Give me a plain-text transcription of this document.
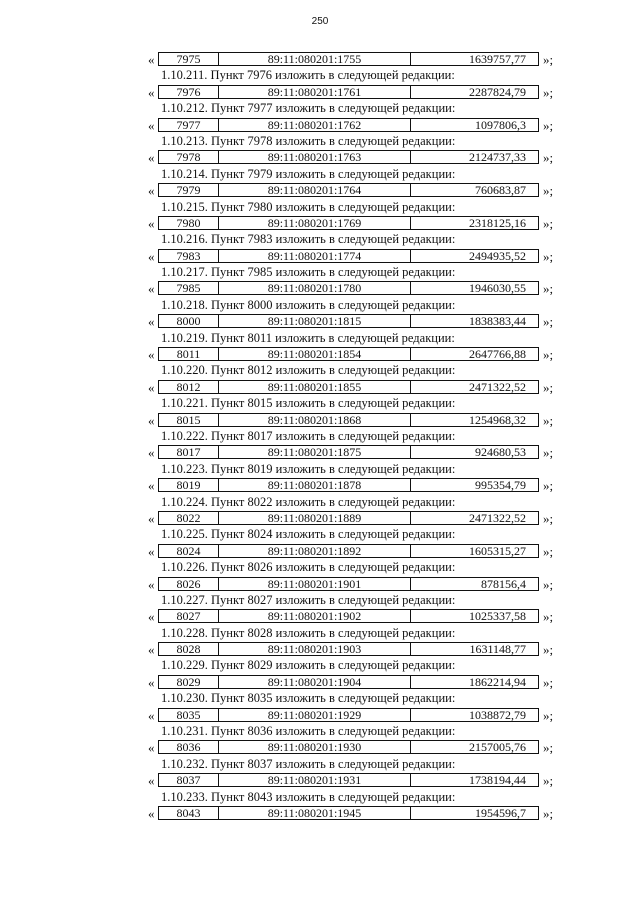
250
«	7975	89:11:080201:1755	1639757,77	»;
1.10.211. Пункт 7976 изложить в следующей редакции:
«	7976	89:11:080201:1761	2287824,79	»;
1.10.212. Пункт 7977 изложить в следующей редакции:
«	7977	89:11:080201:1762	1097806,3	»;
1.10.213. Пункт 7978 изложить в следующей редакции:
«	7978	89:11:080201:1763	2124737,33	»;
1.10.214. Пункт 7979 изложить в следующей редакции:
«	7979	89:11:080201:1764	760683,87	»;
1.10.215. Пункт 7980 изложить в следующей редакции:
«	7980	89:11:080201:1769	2318125,16	»;
1.10.216. Пункт 7983 изложить в следующей редакции:
«	7983	89:11:080201:1774	2494935,52	»;
1.10.217. Пункт 7985 изложить в следующей редакции:
«	7985	89:11:080201:1780	1946030,55	»;
1.10.218. Пункт 8000 изложить в следующей редакции:
«	8000	89:11:080201:1815	1838383,44	»;
1.10.219. Пункт 8011 изложить в следующей редакции:
«	8011	89:11:080201:1854	2647766,88	»;
1.10.220. Пункт 8012 изложить в следующей редакции:
«	8012	89:11:080201:1855	2471322,52	»;
1.10.221. Пункт 8015 изложить в следующей редакции:
«	8015	89:11:080201:1868	1254968,32	»;
1.10.222. Пункт 8017 изложить в следующей редакции:
«	8017	89:11:080201:1875	924680,53	»;
1.10.223. Пункт 8019 изложить в следующей редакции:
«	8019	89:11:080201:1878	995354,79	»;
1.10.224. Пункт 8022 изложить в следующей редакции:
«	8022	89:11:080201:1889	2471322,52	»;
1.10.225. Пункт 8024 изложить в следующей редакции:
«	8024	89:11:080201:1892	1605315,27	»;
1.10.226. Пункт 8026 изложить в следующей редакции:
«	8026	89:11:080201:1901	878156,4	»;
1.10.227. Пункт 8027 изложить в следующей редакции:
«	8027	89:11:080201:1902	1025337,58	»;
1.10.228. Пункт 8028 изложить в следующей редакции:
«	8028	89:11:080201:1903	1631148,77	»;
1.10.229. Пункт 8029 изложить в следующей редакции:
«	8029	89:11:080201:1904	1862214,94	»;
1.10.230. Пункт 8035 изложить в следующей редакции:
«	8035	89:11:080201:1929	1038872,79	»;
1.10.231. Пункт 8036 изложить в следующей редакции:
«	8036	89:11:080201:1930	2157005,76	»;
1.10.232. Пункт 8037 изложить в следующей редакции:
«	8037	89:11:080201:1931	1738194,44	»;
1.10.233. Пункт 8043 изложить в следующей редакции:
«	8043	89:11:080201:1945	1954596,7	»;
